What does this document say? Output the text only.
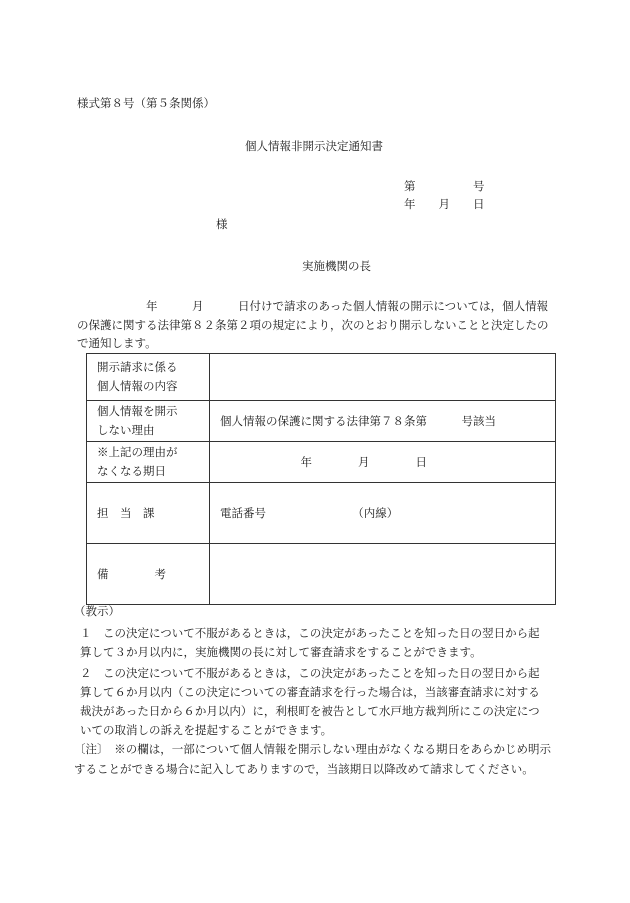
様式第８号（第５条関係）
個人情報非開示決定通知書
第　　　　　号
年　　月　　日
様
実施機関の長
　　　　　　年　　　月　　　日付けで請求のあった個人情報の開示については，個人情報の保護に関する法律第８２条第２項の規定により，次のとおり開示しないことと決定したので通知します。
開示請求に係る
個人情報の内容	
個人情報を開示
しない理由	個人情報の保護に関する法律第７８条第　　　号該当
※上記の理由が
なくなる期日	　　　　　　　年　　　　月　　　　日
担　当　課	電話番号　　　　　　　　（内線）
備　　　　考	
（教示）
１　この決定について不服があるときは，この決定があったことを知った日の翌日から起算して３か月以内に，実施機関の長に対して審査請求をすることができます。
２　この決定について不服があるときは，この決定があったことを知った日の翌日から起算して６か月以内（この決定についての審査請求を行った場合は，当該審査請求に対する裁決があった日から６か月以内）に，利根町を被告として水戸地方裁判所にこの決定についての取消しの訴えを提起することができます。
〔注〕　※の欄は，一部について個人情報を開示しない理由がなくなる期日をあらかじめ明示することができる場合に記入してありますので，当該期日以降改めて請求してください。
